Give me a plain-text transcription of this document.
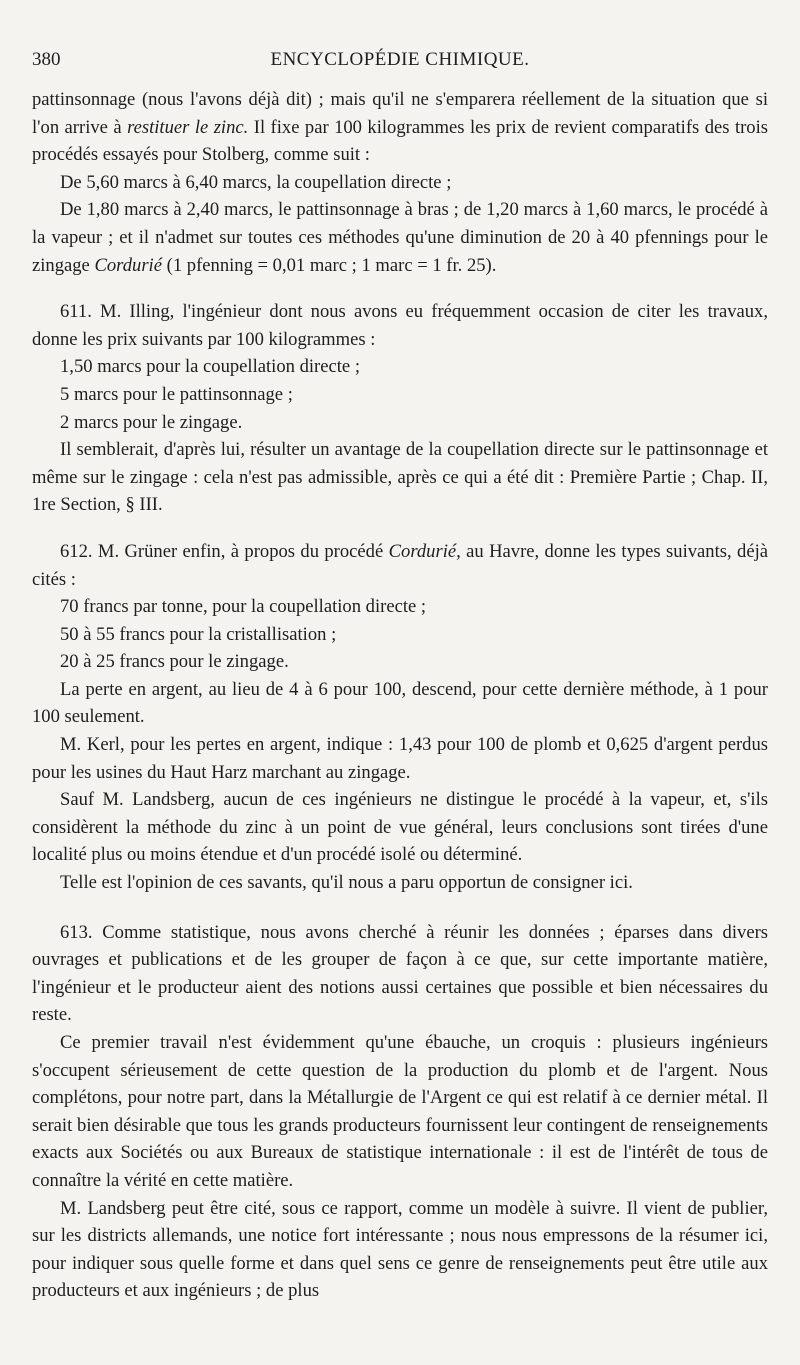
380	ENCYCLOPÉDIE CHIMIQUE.

pattinsonnage (nous l'avons déjà dit) ; mais qu'il ne s'emparera réellement de la situation que si l'on arrive à restituer le zinc. Il fixe par 100 kilogrammes les prix de revient comparatifs des trois procédés essayés pour Stolberg, comme suit :

De 5,60 marcs à 6,40 marcs, la coupellation directe ;

De 1,80 marcs à 2,40 marcs, le pattinsonnage à bras ; de 1,20 marcs à 1,60 marcs, le procédé à la vapeur ; et il n'admet sur toutes ces méthodes qu'une diminution de 20 à 40 pfennings pour le zingage Cordurié (1 pfenning = 0,01 marc ; 1 marc = 1 fr. 25).

611. M. Illing, l'ingénieur dont nous avons eu fréquemment occasion de citer les travaux, donne les prix suivants par 100 kilogrammes :

1,50 marcs pour la coupellation directe ;

5 marcs pour le pattinsonnage ;

2 marcs pour le zingage.

Il semblerait, d'après lui, résulter un avantage de la coupellation directe sur le pattinsonnage et même sur le zingage : cela n'est pas admissible, après ce qui a été dit : Première Partie ; Chap. II, 1re Section, § III.

612. M. Grüner enfin, à propos du procédé Cordurié, au Havre, donne les types suivants, déjà cités :

70 francs par tonne, pour la coupellation directe ;

50 à 55 francs pour la cristallisation ;

20 à 25 francs pour le zingage.

La perte en argent, au lieu de 4 à 6 pour 100, descend, pour cette dernière méthode, à 1 pour 100 seulement.

M. Kerl, pour les pertes en argent, indique : 1,43 pour 100 de plomb et 0,625 d'argent perdus pour les usines du Haut Harz marchant au zingage.

Sauf M. Landsberg, aucun de ces ingénieurs ne distingue le procédé à la vapeur, et, s'ils considèrent la méthode du zinc à un point de vue général, leurs conclusions sont tirées d'une localité plus ou moins étendue et d'un procédé isolé ou déterminé.

Telle est l'opinion de ces savants, qu'il nous a paru opportun de consigner ici.

613. Comme statistique, nous avons cherché à réunir les données ; éparses dans divers ouvrages et publications et de les grouper de façon à ce que, sur cette importante matière, l'ingénieur et le producteur aient des notions aussi certaines que possible et bien nécessaires du reste.

Ce premier travail n'est évidemment qu'une ébauche, un croquis : plusieurs ingénieurs s'occupent sérieusement de cette question de la production du plomb et de l'argent. Nous complétons, pour notre part, dans la Métallurgie de l'Argent ce qui est relatif à ce dernier métal. Il serait bien désirable que tous les grands producteurs fournissent leur contingent de renseignements exacts aux Sociétés ou aux Bureaux de statistique internationale : il est de l'intérêt de tous de connaître la vérité en cette matière.

M. Landsberg peut être cité, sous ce rapport, comme un modèle à suivre. Il vient de publier, sur les districts allemands, une notice fort intéressante ; nous nous empressons de la résumer ici, pour indiquer sous quelle forme et dans quel sens ce genre de renseignements peut être utile aux producteurs et aux ingénieurs ; de plus
